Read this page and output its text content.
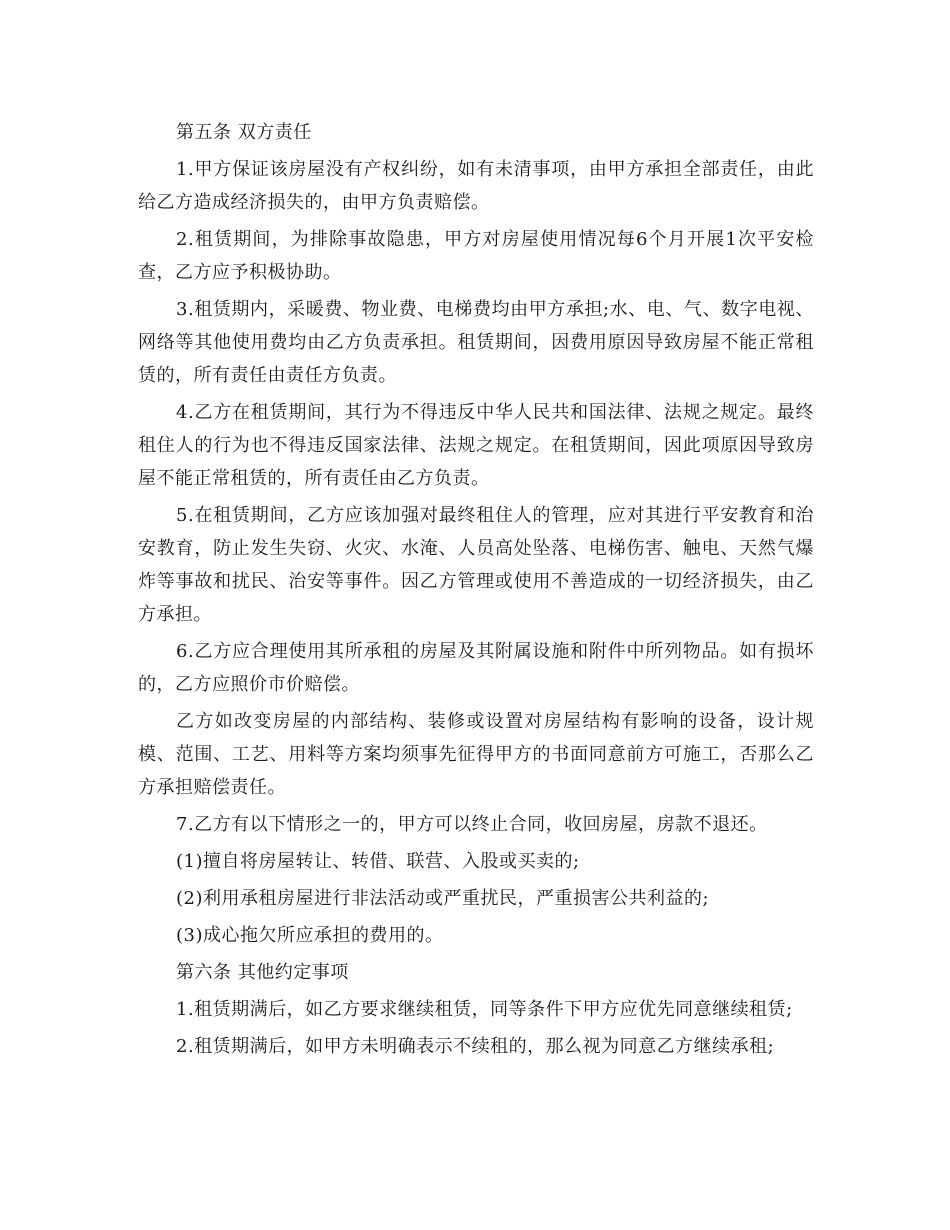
第五条 双方责任

1.甲方保证该房屋没有产权纠纷，如有未清事项，由甲方承担全部责任，由此给乙方造成经济损失的，由甲方负责赔偿。

2.租赁期间，为排除事故隐患，甲方对房屋使用情况每6个月开展1次平安检查，乙方应予积极协助。

3.租赁期内，采暖费、物业费、电梯费均由甲方承担;水、电、气、数字电视、网络等其他使用费均由乙方负责承担。租赁期间，因费用原因导致房屋不能正常租赁的，所有责任由责任方负责。

4.乙方在租赁期间，其行为不得违反中华人民共和国法律、法规之规定。最终租住人的行为也不得违反国家法律、法规之规定。在租赁期间，因此项原因导致房屋不能正常租赁的，所有责任由乙方负责。

5.在租赁期间，乙方应该加强对最终租住人的管理，应对其进行平安教育和治安教育，防止发生失窃、火灾、水淹、人员高处坠落、电梯伤害、触电、天然气爆炸等事故和扰民、治安等事件。因乙方管理或使用不善造成的一切经济损失，由乙方承担。

6.乙方应合理使用其所承租的房屋及其附属设施和附件中所列物品。如有损坏的，乙方应照价市价赔偿。

乙方如改变房屋的内部结构、装修或设置对房屋结构有影响的设备，设计规模、范围、工艺、用料等方案均须事先征得甲方的书面同意前方可施工，否那么乙方承担赔偿责任。

7.乙方有以下情形之一的，甲方可以终止合同，收回房屋，房款不退还。

(1)擅自将房屋转让、转借、联营、入股或买卖的;

(2)利用承租房屋进行非法活动或严重扰民，严重损害公共利益的;

(3)成心拖欠所应承担的费用的。

第六条 其他约定事项

1.租赁期满后，如乙方要求继续租赁，同等条件下甲方应优先同意继续租赁;

2.租赁期满后，如甲方未明确表示不续租的，那么视为同意乙方继续承租;
